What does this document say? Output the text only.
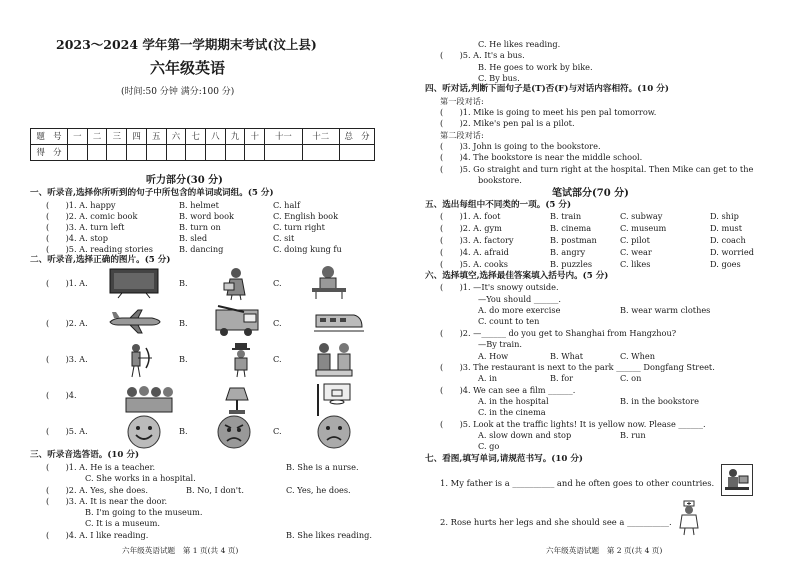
2023～2024 学年第一学期期末考试(汶上县)
六年级英语
(时间:50 分钟 满分:100 分)
题　号	一	二	三	四	五	六	七	八	九	十	十一	十二	总　分
得　分													
听力部分(30 分)
一、听录音,选择你所听到的句子中所包含的单词或词组。(5 分)
(　　)1. A. happy	B. helmet	C. half
(　　)2. A. comic book	B. word book	C. English book
(　　)3. A. turn left	B. turn on	C. turn right
(　　)4. A. stop	B. sled	C. sit
(　　)5. A. reading stories	B. dancing	C. doing kung fu
二、听录音,选择正确的图片。(5 分)
(　　)1. A.	B.	C.
(　　)2. A.	B.	C.
(　　)3. A.	B.	C.
(　　)4.
(　　)5. A.	B.	C.
三、听录音选答语。(10 分)
(　　)1. A. He is a teacher.	B. She is a nurse.
C. She works in a hospital.
(　　)2. A. Yes, she does.	B. No, I don't.	C. Yes, he does.
(　　)3. A. It is near the door.
B. I'm going to the museum.
C. It is a museum.
(　　)4. A. I like reading.	B. She likes reading.
六年级英语试题　第 1 页(共 4 页)
C. He likes reading.
(　　)5. A. It's a bus.
B. He goes to work by bike.
C. By bus.
四、听对话,判断下面句子是(T)否(F)与对话内容相符。(10 分)
第一段对话:
(　　)1. Mike is going to meet his pen pal tomorrow.
(　　)2. Mike's pen pal is a pilot.
第二段对话:
(　　)3. John is going to the bookstore.
(　　)4. The bookstore is near the middle school.
(　　)5. Go straight and turn right at the hospital. Then Mike can get to the
bookstore.
笔试部分(70 分)
五、选出每组中不同类的一项。(5 分)
(　　)1. A. foot	B. train	C. subway	D. ship
(　　)2. A. gym	B. cinema	C. museum	D. must
(　　)3. A. factory	B. postman	C. pilot	D. coach
(　　)4. A. afraid	B. angry	C. wear	D. worried
(　　)5. A. cooks	B. puzzles	C. likes	D. goes
六、选择填空,选择最佳答案填入括号内。(5 分)
(　　)1. —It's snowy outside.
—You should ______.
A. do more exercise	B. wear warm clothes
C. count to ten
(　　)2. —______ do you get to Shanghai from Hangzhou?
—By train.
A. How	B. What	C. When
(　　)3. The restaurant is next to the park ______ Dongfang Street.
A. in	B. for	C. on
(　　)4. We can see a film ______.
A. in the hospital	B. in the bookstore
C. in the cinema
(　　)5. Look at the traffic lights! It is yellow now. Please ______.
A. slow down and stop	B. run
C. go
七、看图,填写单词,请规范书写。(10 分)
1. My father is a __________ and he often goes to other countries.
2. Rose hurts her legs and she should see a __________.
六年级英语试题　第 2 页(共 4 页)
